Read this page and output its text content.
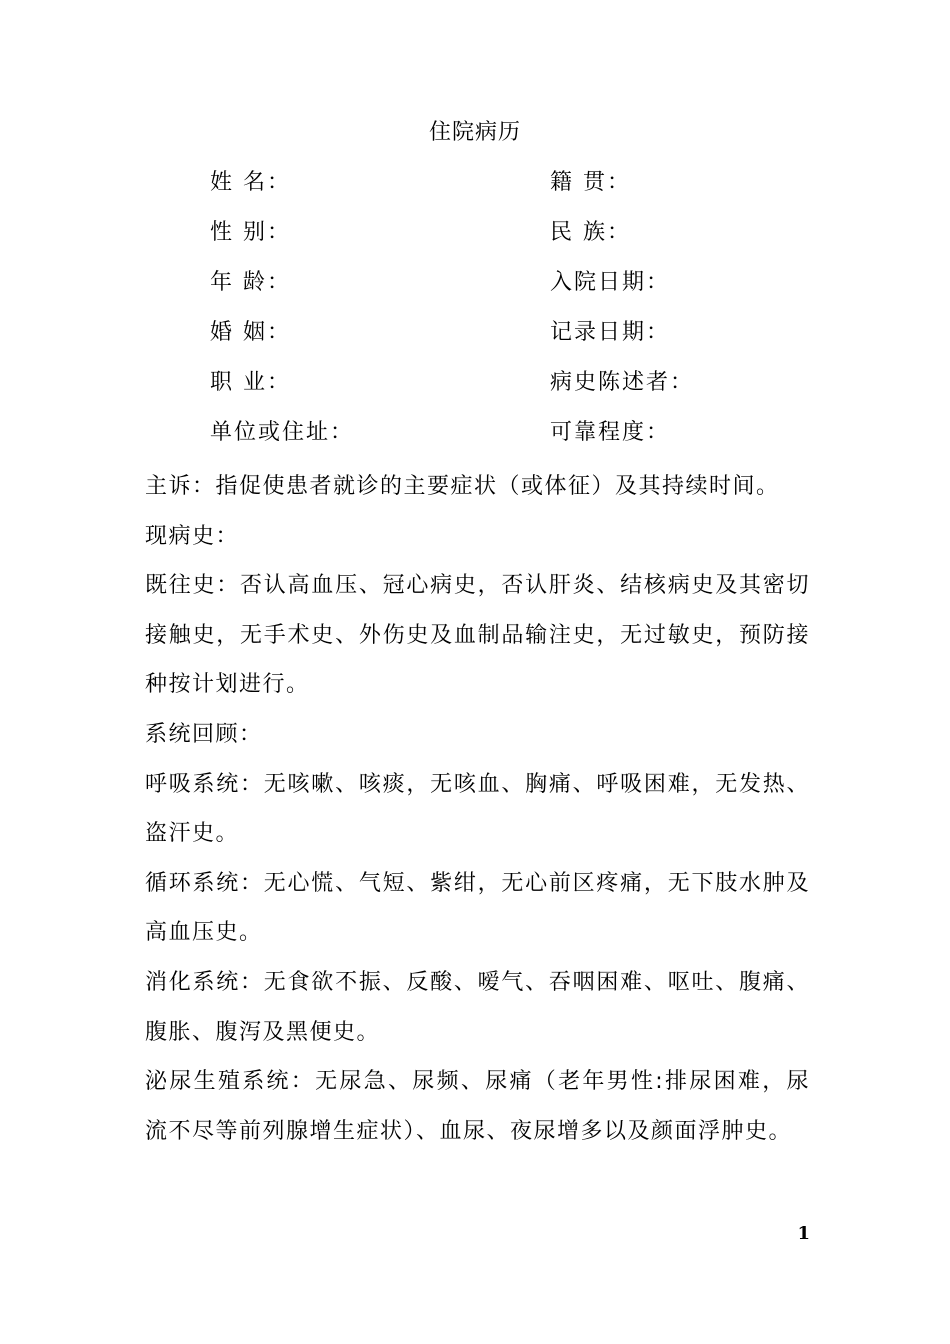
住院病历
姓 名：	籍 贯：
性 别：	民 族：
年 龄：	入院日期：
婚 姻：	记录日期：
职 业：	病史陈述者：
单位或住址：	可靠程度：

主诉：指促使患者就诊的主要症状（或体征）及其持续时间。

现病史：

既往史：否认高血压、冠心病史，否认肝炎、结核病史及其密切接触史，无手术史、外伤史及血制品输注史，无过敏史，预防接种按计划进行。

系统回顾：

呼吸系统：无咳嗽、咳痰，无咳血、胸痛、呼吸困难，无发热、盗汗史。

循环系统：无心慌、气短、紫绀，无心前区疼痛，无下肢水肿及高血压史。

消化系统：无食欲不振、反酸、嗳气、吞咽困难、呕吐、腹痛、腹胀、腹泻及黑便史。

泌尿生殖系统：无尿急、尿频、尿痛（老年男性:排尿困难，尿流不尽等前列腺增生症状）、血尿、夜尿增多以及颜面浮肿史。

1
